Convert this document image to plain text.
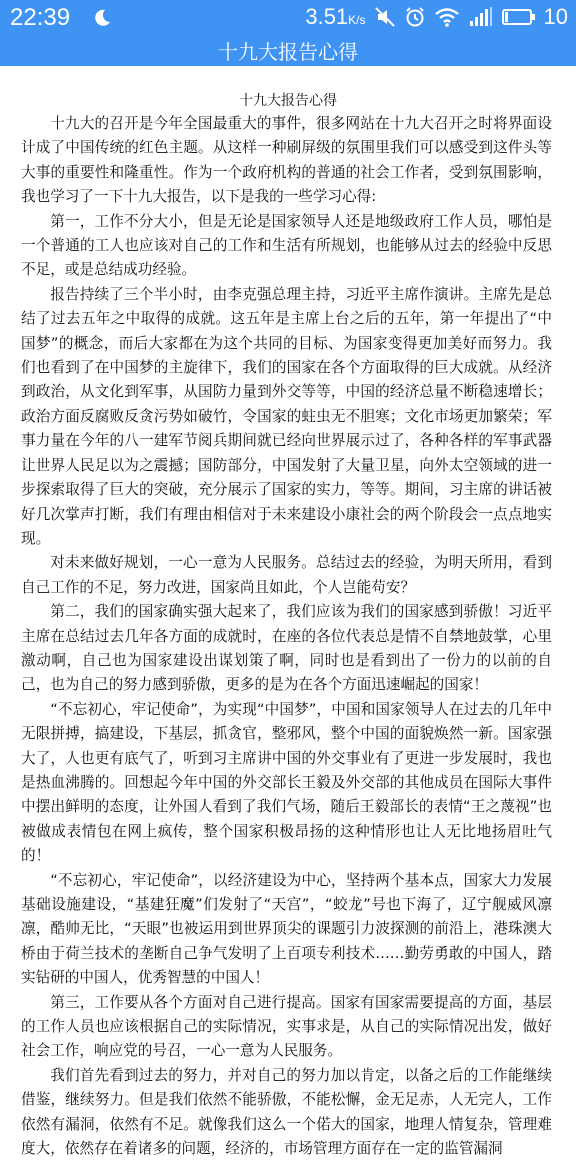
22:39	3.51K/s	10
十九大报告心得
十九大报告心得

十九大的召开是今年全国最重大的事件，很多网站在十九大召开之时将界面设计成了中国传统的红色主题。从这样一种刷屏级的氛围里我们可以感受到这件头等大事的重要性和隆重性。作为一个政府机构的普通的社会工作者，受到氛围影响，我也学习了一下十九大报告，以下是我的一些学习心得:

第一，工作不分大小，但是无论是国家领导人还是地级政府工作人员，哪怕是一个普通的工人也应该对自己的工作和生活有所规划，也能够从过去的经验中反思不足，或是总结成功经验。

报告持续了三个半小时，由李克强总理主持，习近平主席作演讲。主席先是总结了过去五年之中取得的成就。这五年是主席上台之后的五年，第一年提出了“中国梦”的概念，而后大家都在为这个共同的目标、为国家变得更加美好而努力。我们也看到了在中国梦的主旋律下，我们的国家在各个方面取得的巨大成就。从经济到政治，从文化到军事，从国防力量到外交等等，中国的经济总量不断稳速增长；政治方面反腐败反贪污势如破竹，令国家的蛀虫无不胆寒；文化市场更加繁荣；军事力量在今年的八一建军节阅兵期间就已经向世界展示过了，各种各样的军事武器让世界人民足以为之震撼；国防部分，中国发射了大量卫星，向外太空领域的进一步探索取得了巨大的突破，充分展示了国家的实力，等等。期间，习主席的讲话被好几次掌声打断，我们有理由相信对于未来建设小康社会的两个阶段会一点点地实现。

对未来做好规划，一心一意为人民服务。总结过去的经验，为明天所用，看到自己工作的不足，努力改进，国家尚且如此，个人岂能苟安？

第二，我们的国家确实强大起来了，我们应该为我们的国家感到骄傲！习近平主席在总结过去几年各方面的成就时，在座的各位代表总是情不自禁地鼓掌，心里激动啊，自己也为国家建设出谋划策了啊，同时也是看到出了一份力的以前的自己，也为自己的努力感到骄傲，更多的是为在各个方面迅速崛起的国家！

“不忘初心，牢记使命”，为实现“中国梦”，中国和国家领导人在过去的几年中无限拼搏，搞建设，下基层，抓贪官，整邪风，整个中国的面貌焕然一新。国家强大了，人也更有底气了，听到习主席讲中国的外交事业有了更进一步发展时，我也是热血沸腾的。回想起今年中国的外交部长王毅及外交部的其他成员在国际大事件中摆出鲜明的态度，让外国人看到了我们气场，随后王毅部长的表情“王之蔑视”也被做成表情包在网上疯传，整个国家积极昂扬的这种情形也让人无比地扬眉吐气的！

“不忘初心，牢记使命”，以经济建设为中心，坚持两个基本点，国家大力发展基础设施建设，“基建狂魔”们发射了“天宫”，“蛟龙”号也下海了，辽宁舰威风凛凛，酷帅无比，“天眼”也被运用到世界顶尖的课题引力波探测的前沿上，港珠澳大桥由于荷兰技术的垄断自己争气发明了上百项专利技术……勤劳勇敢的中国人，踏实钻研的中国人，优秀智慧的中国人！

第三，工作要从各个方面对自己进行提高。国家有国家需要提高的方面，基层的工作人员也应该根据自己的实际情况，实事求是，从自己的实际情况出发，做好社会工作，响应党的号召，一心一意为人民服务。

我们首先看到过去的努力，并对自己的努力加以肯定，以备之后的工作能继续借鉴，继续努力。但是我们依然不能骄傲，不能松懈，金无足赤，人无完人，工作依然有漏洞，依然有不足。就像我们这么一个偌大的国家，地理人情复杂，管理难度大，依然存在着诸多的问题，经济的，市场管理方面存在一定的监管漏洞
